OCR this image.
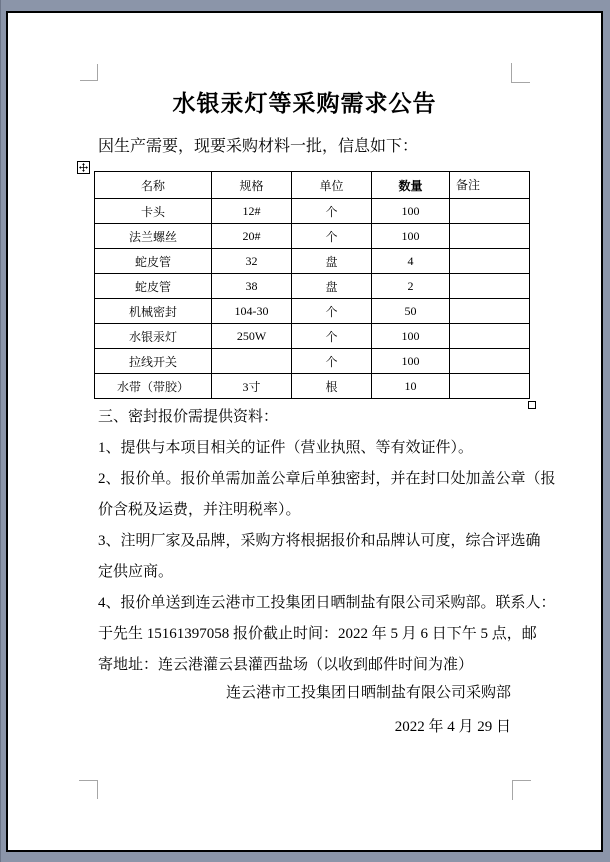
水银汞灯等采购需求公告
因生产需要，现要采购材料一批，信息如下：
名称	规格	单位	数量	备注
卡头	12#	个	100	
法兰螺丝	20#	个	100	
蛇皮管	32	盘	4	
蛇皮管	38	盘	2	
机械密封	104-30	个	50	
水银汞灯	250W	个	100	
拉线开关		个	100	
水带（带胶）	3寸	根	10	
三、密封报价需提供资料：
1、提供与本项目相关的证件（营业执照、等有效证件）。
2、报价单。报价单需加盖公章后单独密封，并在封口处加盖公章（报
价含税及运费，并注明税率）。
3、注明厂家及品牌，采购方将根据报价和品牌认可度，综合评选确
定供应商。
4、报价单送到连云港市工投集团日晒制盐有限公司采购部。联系人：
于先生 15161397058 报价截止时间：2022 年 5 月 6 日下午 5 点，邮
寄地址：连云港灌云县灌西盐场（以收到邮件时间为准）
连云港市工投集团日晒制盐有限公司采购部
2022 年 4 月 29 日
